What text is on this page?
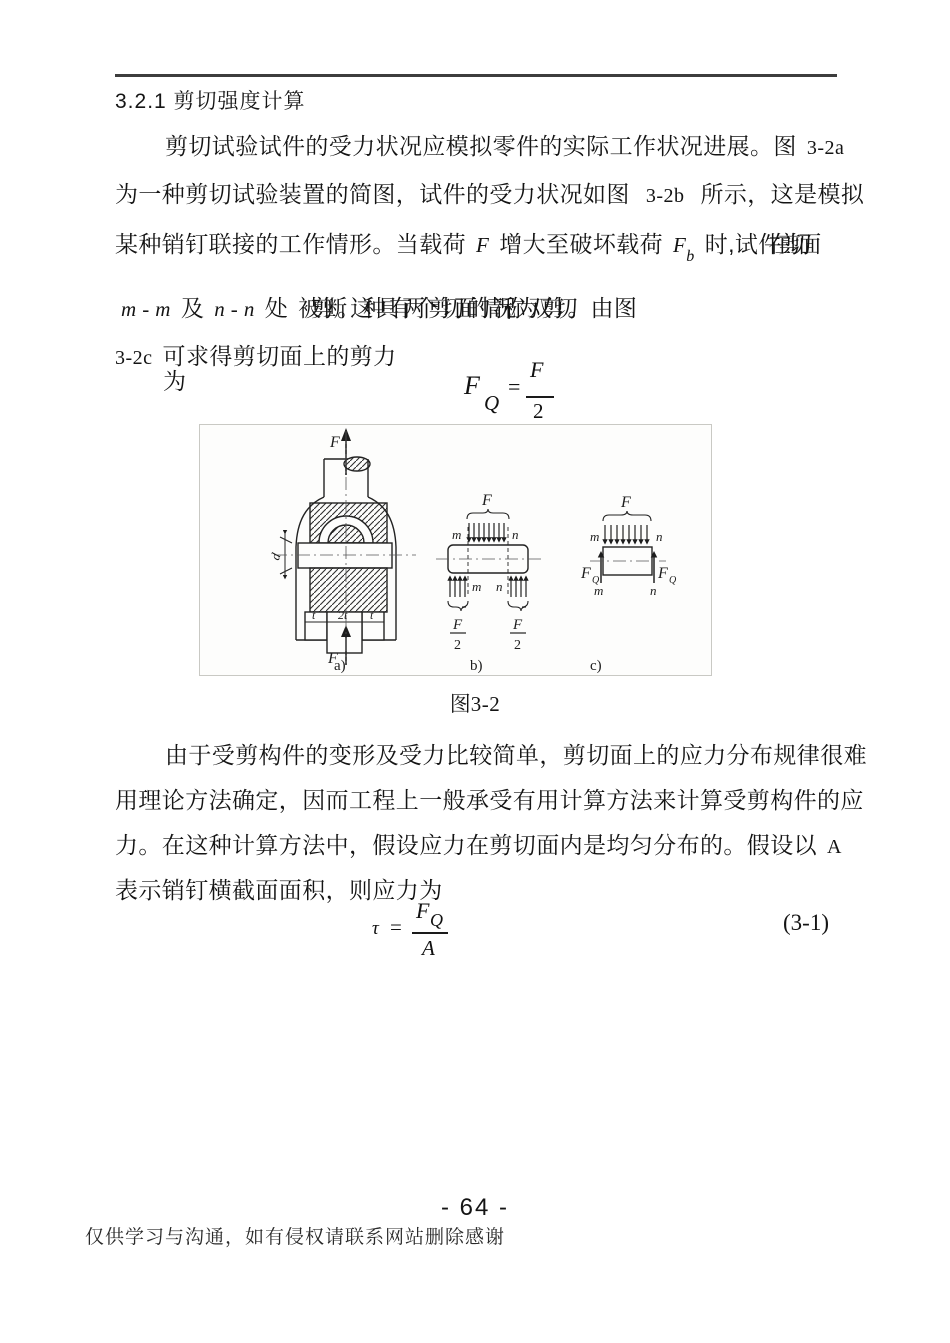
3.2.1 剪切强度计算
剪切试验试件的受力状况应模拟零件的实际工作状况进展。图 3-2a
为一种剪切试验装置的简图，试件的受力状况如图 3-2b 所示，这是模拟
某种销钉联接的工作情形。当载荷 F 增大至破坏载荷 $F_b$ 时,试件在剪切面
m - m 及 n - n 处 被剪断。这种具有两个剪切面的情况,称为双剪切。 由图
3-2c 可求得剪切面上的剪力
为	F
Q
=
F
2
F
F
d
t 2t t
a)
F
m	n
m n
F
2
F
2
b)
F
m	n
m	n
F Q	F Q
c)
图3-2
由于受剪构件的变形及受力比较简单，剪切面上的应力分布规律很难
用理论方法确定，因而工程上一般承受有用计算方法来计算受剪构件的应
力。在这种计算方法中，假设应力在剪切面内是均匀分布的。假设以 A
表示销钉横截面面积，则应力为
τ =
F Q
A
(3-1)
- 64 -
仅供学习与沟通，如有侵权请联系网站删除感谢
